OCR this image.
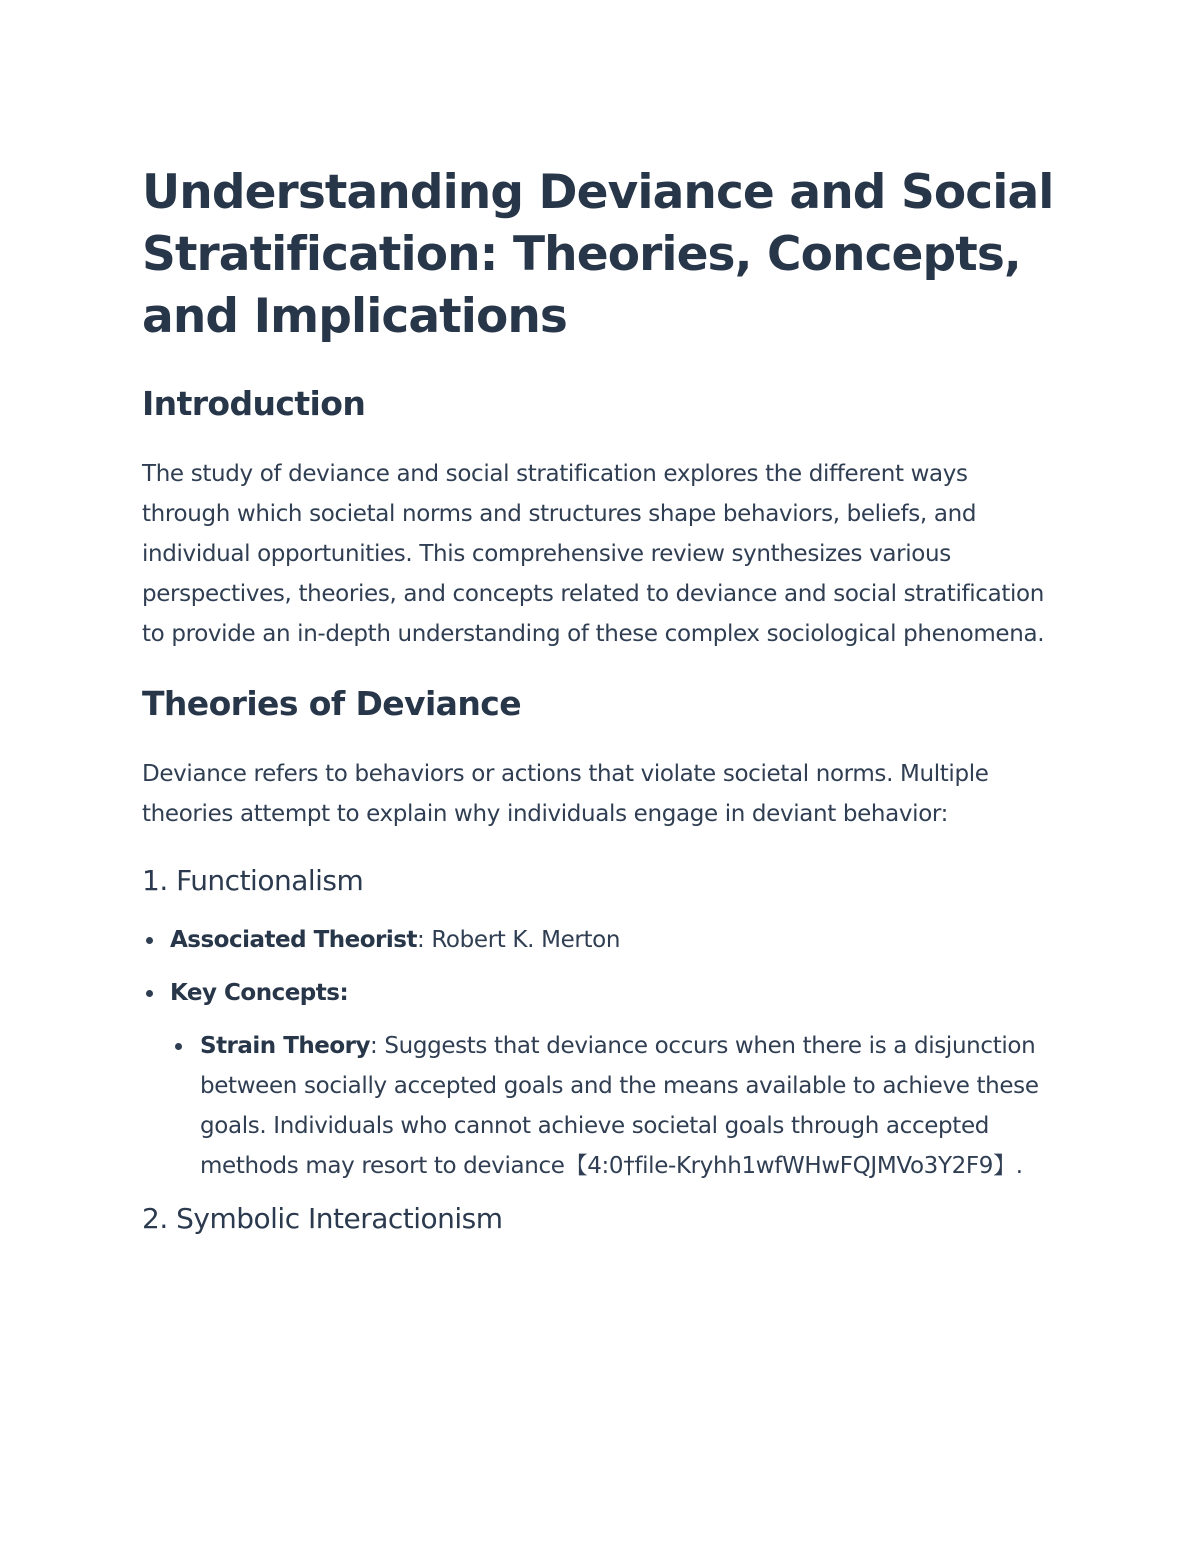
Understanding Deviance and Social Stratification: Theories, Concepts, and Implications
Introduction

The study of deviance and social stratification explores the different ways through which societal norms and structures shape behaviors, beliefs, and individual opportunities. This comprehensive review synthesizes various perspectives, theories, and concepts related to deviance and social stratification to provide an in-depth understanding of these complex sociological phenomena.

Theories of Deviance

Deviance refers to behaviors or actions that violate societal norms. Multiple theories attempt to explain why individuals engage in deviant behavior:

1. Functionalism
Associated Theorist: Robert K. Merton
Key Concepts:
Strain Theory: Suggests that deviance occurs when there is a disjunction between socially accepted goals and the means available to achieve these goals. Individuals who cannot achieve societal goals through accepted methods may resort to deviance【4:0†file-Kryhh1wfWHwFQJMVo3Y2F9】.
2. Symbolic Interactionism
